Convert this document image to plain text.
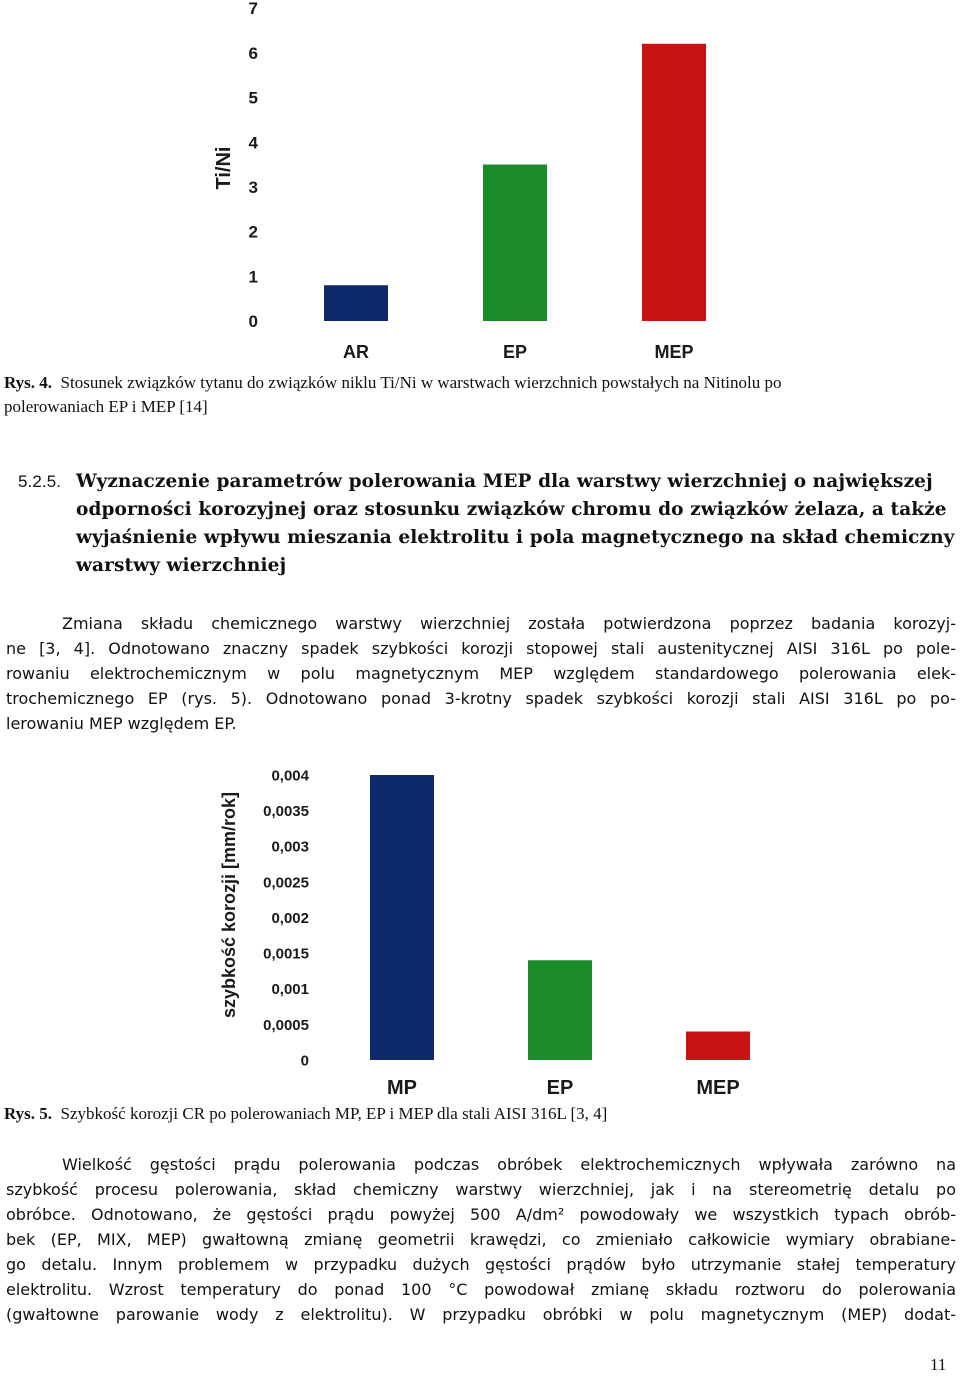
0
1
2
3
4
5
6
7
AR	EP	MEP
Ti/Ni
Rys. 4. Stosunek związków tytanu do związków niklu Ti/Ni w warstwach wierzchnich powstałych na Nitinolu po
polerowaniach EP i MEP [14]
5.2.5. Wyznaczenie parametrów polerowania MEP dla warstwy wierzchniej o największej
odporności korozyjnej oraz stosunku związków chromu do związków żelaza, a także
wyjaśnienie wpływu mieszania elektrolitu i pola magnetycznego na skład chemiczny
warstwy wierzchniej
Zmiana składu chemicznego warstwy wierzchniej została potwierdzona poprzez badania korozyj-
ne [3, 4]. Odnotowano znaczny spadek szybkości korozji stopowej stali austenitycznej AISI 316L po pole-
rowaniu elektrochemicznym w polu magnetycznym MEP względem standardowego polerowania elek-
trochemicznego EP (rys. 5). Odnotowano ponad 3-krotny spadek szybkości korozji stali AISI 316L po po-
lerowaniu MEP względem EP.
0
0,0005
0,001
0,0015
0,002
0,0025
0,003
0,0035
0,004
MP	EP	MEP
szybkość korozji [mm/rok]
Rys. 5. Szybkość korozji CR po polerowaniach MP, EP i MEP dla stali AISI 316L [3, 4]
Wielkość gęstości prądu polerowania podczas obróbek elektrochemicznych wpływała zarówno na
szybkość procesu polerowania, skład chemiczny warstwy wierzchniej, jak i na stereometrię detalu po
obróbce. Odnotowano, że gęstości prądu powyżej 500 A/dm² powodowały we wszystkich typach obrób-
bek (EP, MIX, MEP) gwałtowną zmianę geometrii krawędzi, co zmieniało całkowicie wymiary obrabiane-
go detalu. Innym problemem w przypadku dużych gęstości prądów było utrzymanie stałej temperatury
elektrolitu. Wzrost temperatury do ponad 100 °C powodował zmianę składu roztworu do polerowania
(gwałtowne parowanie wody z elektrolitu). W przypadku obróbki w polu magnetycznym (MEP) dodat-
11
